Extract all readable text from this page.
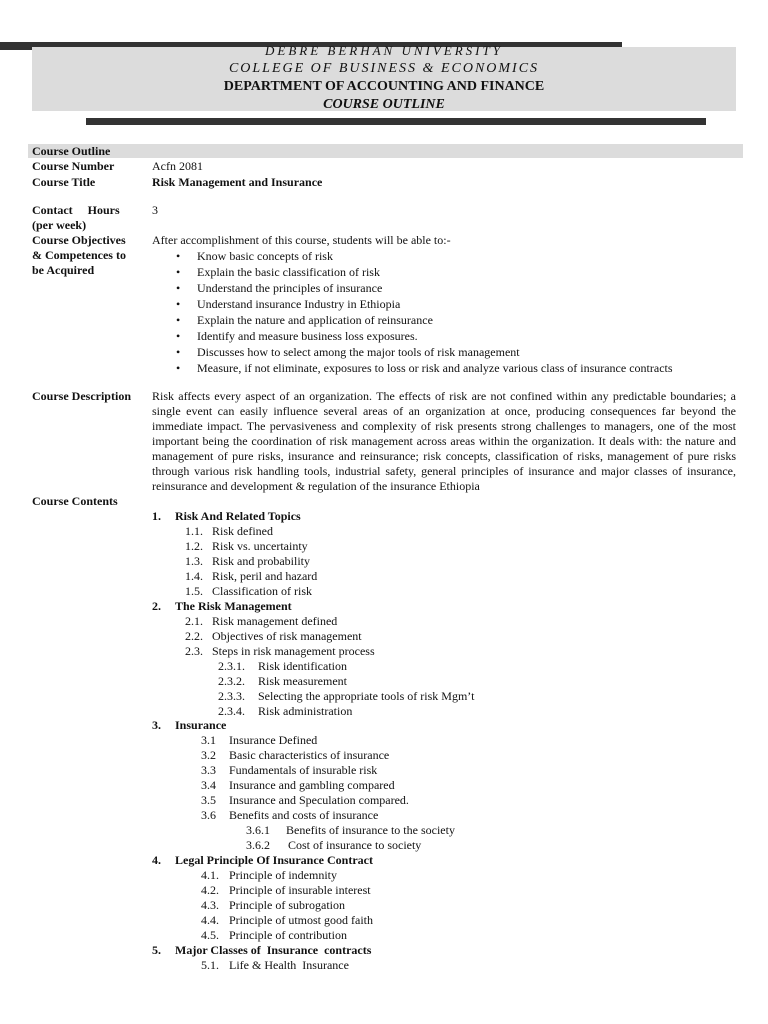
DEBRE BERHAN UNIVERSITY
COLLEGE OF BUSINESS & ECONOMICS
DEPARTMENT OF ACCOUNTING AND FINANCE
COURSE OUTLINE
Course Outline
Course Number	Acfn 2081
Course Title	Risk Management and Insurance
Contact     Hours
(per week)
3
Course Objectives
& Competences to
be Acquired
After accomplishment of this course, students will be able to:-
• Know basic concepts of risk
• Explain the basic classification of risk
• Understand the principles of insurance
• Understand insurance Industry in Ethiopia
• Explain the nature and application of reinsurance
• Identify and measure business loss exposures.
• Discusses how to select among the major tools of risk management
• Measure, if not eliminate, exposures to loss or risk and analyze various class of insurance contracts
Course Description Risk affects every aspect of an organization. The effects of risk are not confined within any predictable boundaries; a single event can easily influence several areas of an organization at once, producing consequences far beyond the immediate impact. The pervasiveness and complexity of risk presents strong challenges to managers, one of the most important being the coordination of risk management across areas within the organization. It deals with: the nature and management of pure risks, insurance and reinsurance; risk concepts, classification of risks, management of pure risks through various risk handling tools, industrial safety, general principles of insurance and major classes of insurance, reinsurance and development & regulation of the insurance Ethiopia
Course Contents
1. Risk And Related Topics
1.1. Risk defined
1.2. Risk vs. uncertainty
1.3. Risk and probability
1.4. Risk, peril and hazard
1.5. Classification of risk
2. The Risk Management
2.1. Risk management defined
2.2. Objectives of risk management
2.3. Steps in risk management process
2.3.1. Risk identification
2.3.2. Risk measurement
2.3.3. Selecting the appropriate tools of risk Mgm’t
2.3.4. Risk administration
3. Insurance
3.1 Insurance Defined
3.2 Basic characteristics of insurance
3.3 Fundamentals of insurable risk
3.4 Insurance and gambling compared
3.5 Insurance and Speculation compared.
3.6 Benefits and costs of insurance
3.6.1 Benefits of insurance to the society
3.6.2 Cost of insurance to society
4. Legal Principle Of Insurance Contract
4.1. Principle of indemnity
4.2. Principle of insurable interest
4.3. Principle of subrogation
4.4. Principle of utmost good faith
4.5. Principle of contribution
5. Major Classes of  Insurance  contracts
5.1. Life & Health  Insurance
